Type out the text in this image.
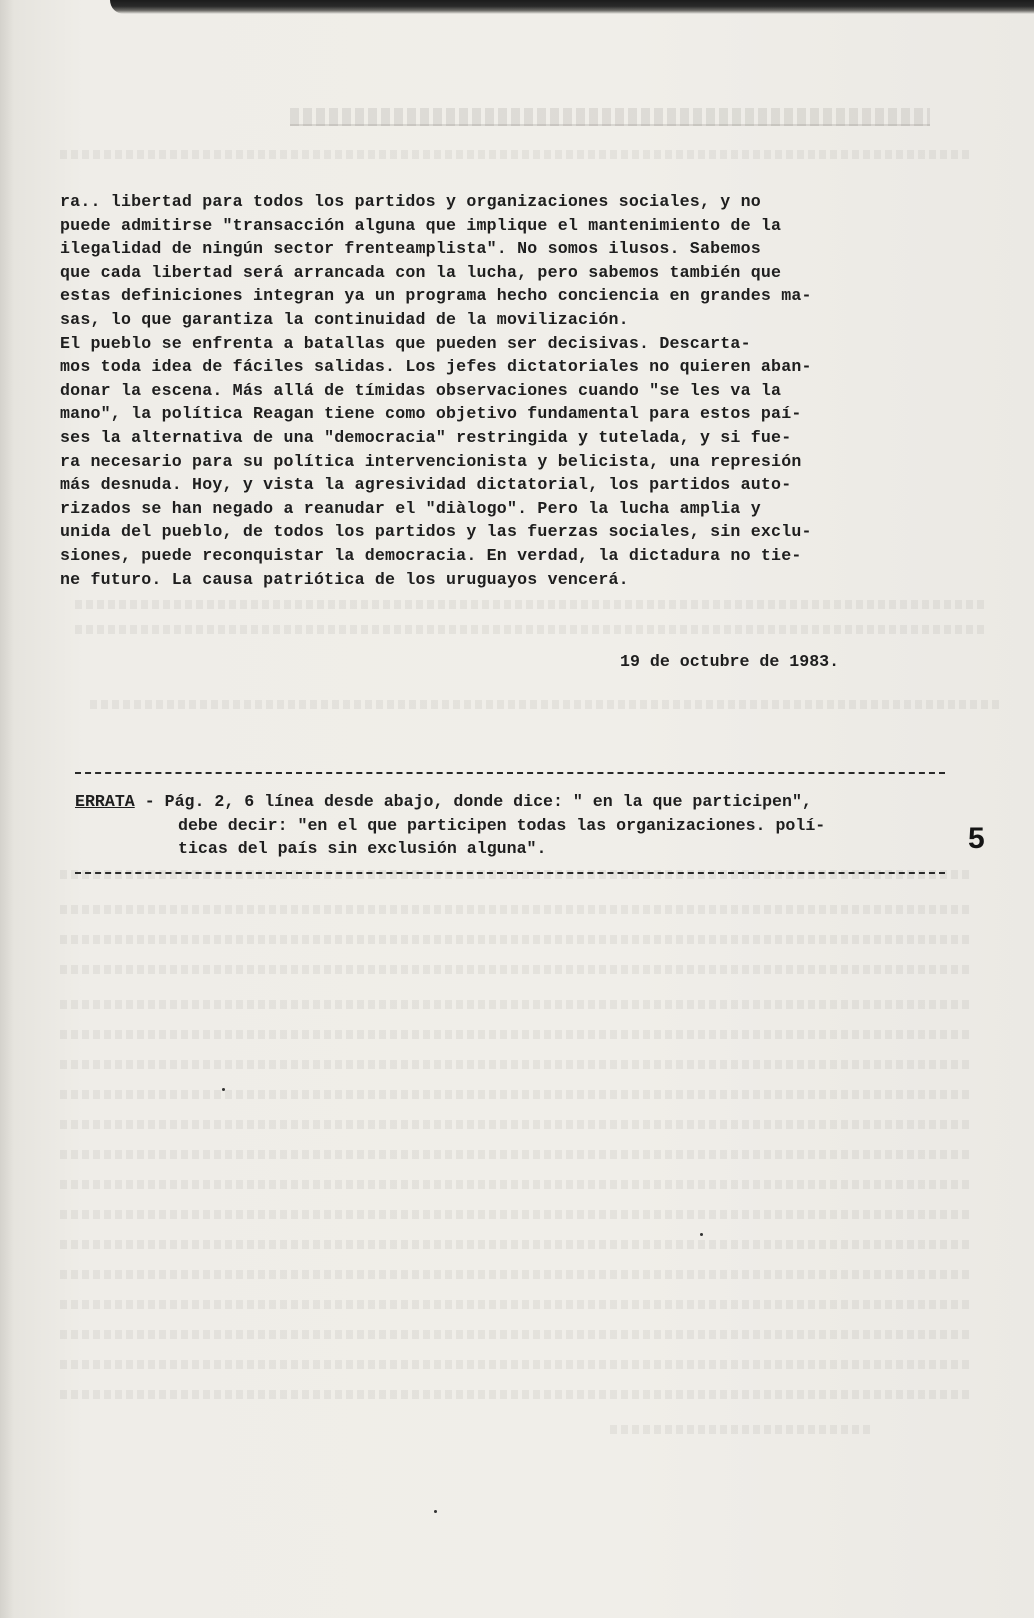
ra.. libertad para todos los partidos y organizaciones sociales, y no
puede admitirse "transacción alguna que implique el mantenimiento de la
ilegalidad de ningún sector frenteamplista". No somos ilusos. Sabemos
que cada libertad será arrancada con la lucha, pero sabemos también que
estas definiciones integran ya un programa hecho conciencia en grandes ma-
sas, lo que garantiza la continuidad de la movilización.
El pueblo se enfrenta a batallas que pueden ser decisivas. Descarta-
mos toda idea de fáciles salidas. Los jefes dictatoriales no quieren aban-
donar la escena. Más allá de tímidas observaciones cuando "se les va la
mano", la política Reagan tiene como objetivo fundamental para estos paí-
ses la alternativa de una "democracia" restringida y tutelada, y si fue-
ra necesario para su política intervencionista y belicista, una represión
más desnuda. Hoy, y vista la agresividad dictatorial, los partidos auto-
rizados se han negado a reanudar el "diàlogo". Pero la lucha amplia y
unida del pueblo, de todos los partidos y las fuerzas sociales, sin exclu-
siones, puede reconquistar la democracia. En verdad, la dictadura no tie-
ne futuro. La causa patriótica de los uruguayos vencerá.
19 de octubre de 1983.
ERRATA - Pág. 2, 6 línea desde abajo, donde dice: " en la que participen",
debe decir: "en el que participen todas las organizaciones. polí-
ticas del país sin exclusión alguna".	5
